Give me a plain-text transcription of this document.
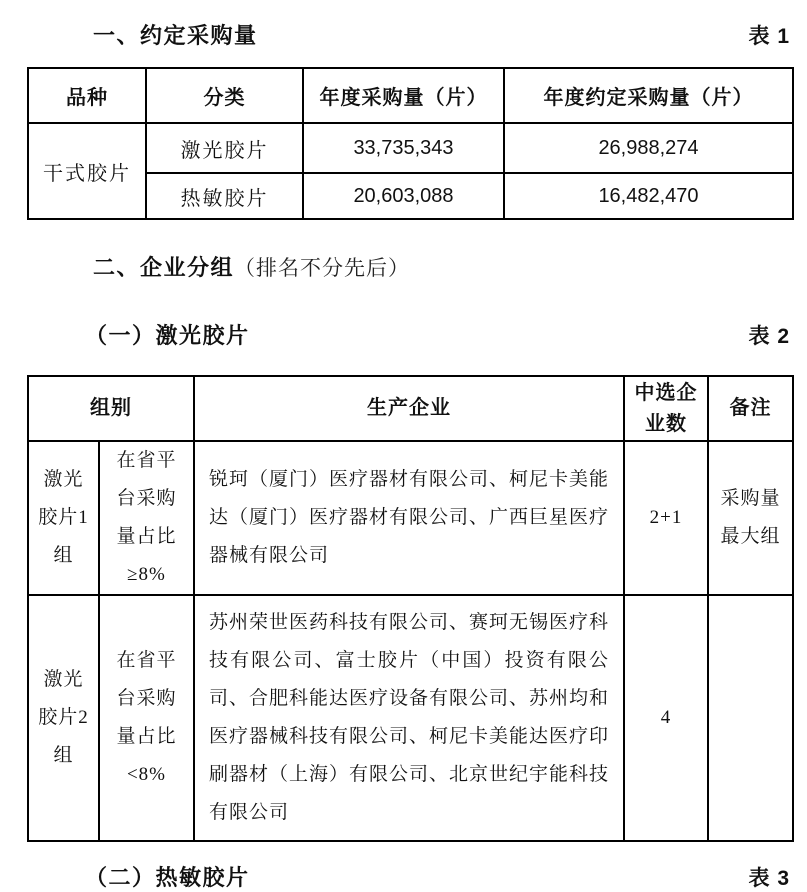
一、约定采购量	表 1
品种	分类	年度采购量（片）	年度约定采购量（片）
干式胶片	激光胶片	33,735,343	26,988,274
	热敏胶片	20,603,088	16,482,470
二、企业分组（排名不分先后）
（一）激光胶片	表 2
组别		生产企业	中选企业数	备注
激光胶片1组	在省平台采购量占比≥8%	锐珂（厦门）医疗器材有限公司、柯尼卡美能达（厦门）医疗器材有限公司、广西巨星医疗器械有限公司	2+1	采购量最大组
激光胶片2组	在省平台采购量占比<8%	苏州荣世医药科技有限公司、赛珂无锡医疗科技有限公司、富士胶片（中国）投资有限公司、合肥科能达医疗设备有限公司、苏州均和医疗器械科技有限公司、柯尼卡美能达医疗印刷器材（上海）有限公司、北京世纪宇能科技有限公司	4	
（二）热敏胶片	表 3
